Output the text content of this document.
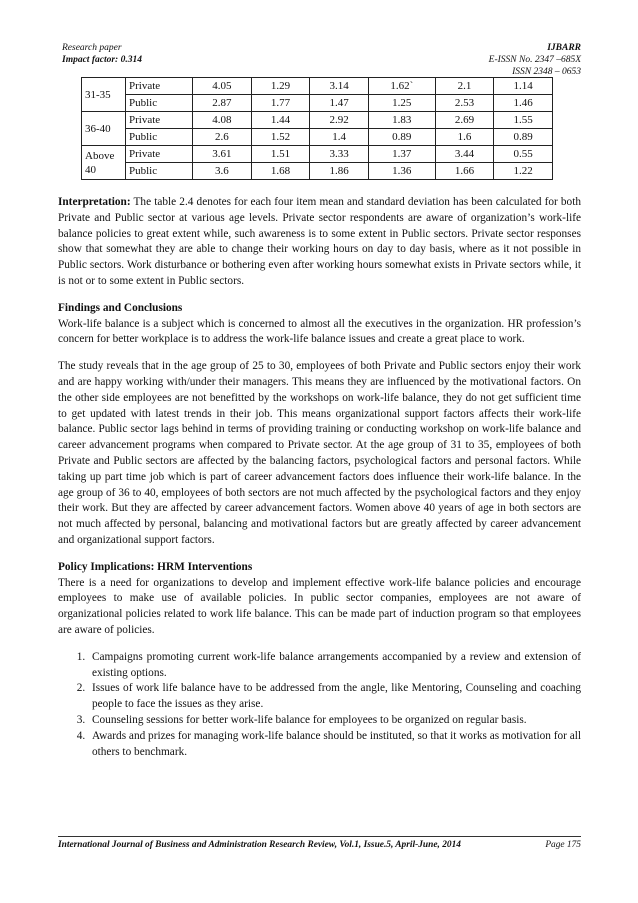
Research paper
Impact factor: 0.314
IJBARR
E-ISSN No. 2347 –685X
ISSN 2348 – 0653
31-35	Private	4.05	1.29	3.14	1.62`	2.1	1.14
	Public	2.87	1.77	1.47	1.25	2.53	1.46
36-40	Private	4.08	1.44	2.92	1.83	2.69	1.55
	Public	2.6	1.52	1.4	0.89	1.6	0.89
Above 40	Private	3.61	1.51	3.33	1.37	3.44	0.55
	Public	3.6	1.68	1.86	1.36	1.66	1.22

Interpretation: The table 2.4 denotes for each four item mean and standard deviation has been calculated for both Private and Public sector at various age levels. Private sector respondents are aware of organization’s work-life balance policies to great extent while, such awareness is to some extent in Public sectors. Private sector responses show that somewhat they are able to change their working hours on day to day basis, where as it not possible in Public sectors. Work disturbance or bothering even after working hours somewhat exists in Private sectors while, it is not or to some extent in Public sectors.

Findings and Conclusions

Work-life balance is a subject which is concerned to almost all the executives in the organization. HR profession’s concern for better workplace is to address the work-life balance issues and create a great place to work.

The study reveals that in the age group of 25 to 30, employees of both Private and Public sectors enjoy their work and are happy working with/under their managers. This means they are influenced by the motivational factors. On the other side employees are not benefitted by the workshops on work-life balance, they do not get sufficient time to get updated with latest trends in their job. This means organizational support factors affects their work-life balance. Public sector lags behind in terms of providing training or conducting workshop on work-life balance and career advancement programs when compared to Private sector. At the age group of 31 to 35, employees of both Private and Public sectors are affected by the balancing factors, psychological factors and personal factors. While taking up part time job which is part of career advancement factors does influence their work-life balance. In the age group of 36 to 40, employees of both sectors are not much affected by the psychological factors and they enjoy their work. But they are affected by career advancement factors. Women above 40 years of age in both sectors are not much affected by personal, balancing and motivational factors but are greatly affected by career advancement and organizational support factors.

Policy Implications: HRM Interventions

There is a need for organizations to develop and implement effective work-life balance policies and encourage employees to make use of available policies. In public sector companies, employees are not aware of organizational policies related to work life balance. This can be made part of induction program so that employees are aware of policies.

1. Campaigns promoting current work-life balance arrangements accompanied by a review and extension of existing options.
2. Issues of work life balance have to be addressed from the angle, like Mentoring, Counseling and coaching people to face the issues as they arise.
3. Counseling sessions for better work-life balance for employees to be organized on regular basis.
4. Awards and prizes for managing work-life balance should be instituted, so that it works as motivation for all others to benchmark.
International Journal of Business and Administration Research Review, Vol.1, Issue.5, April-June, 2014	Page 175
